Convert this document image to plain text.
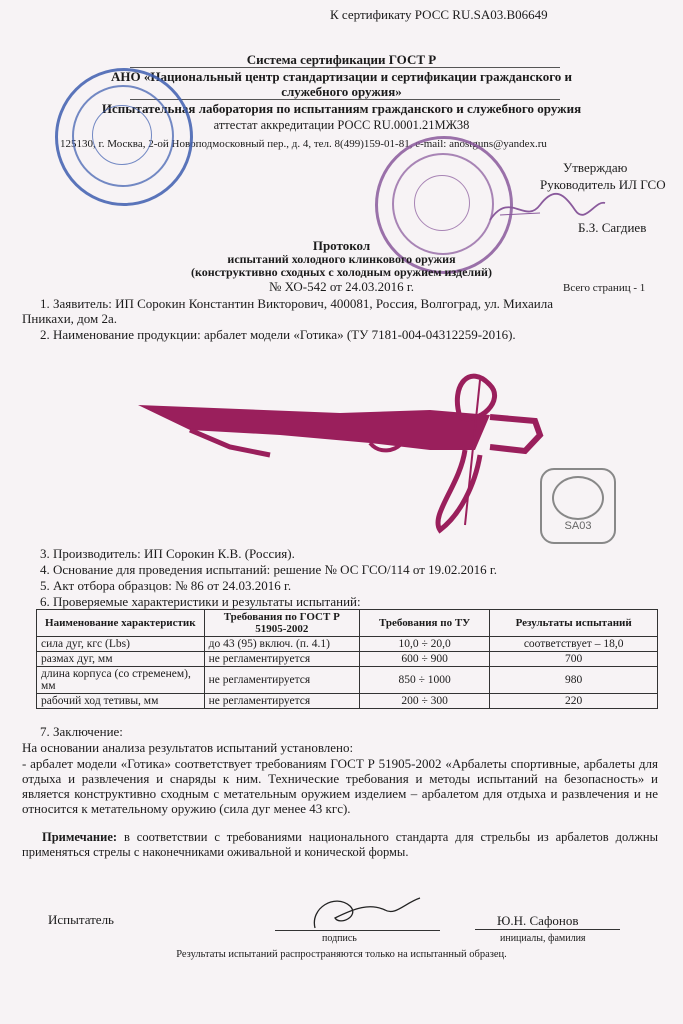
К сертификату РОСС RU.SA03.B06649
Система сертификации ГОСТ Р
АНО «Национальный центр стандартизации и сертификации гражданского и
служебного оружия»
Испытательная лаборатория по испытаниям гражданского и служебного оружия
аттестат аккредитации РОСС RU.0001.21МЖ38
125130, г. Москва, 2-ой Новоподмосковный пер., д. 4, тел. 8(499)159-01-81, e-mail: anostguns@yandex.ru
Утверждаю
Руководитель ИЛ ГСО
Б.З. Сагдиев
Протокол
испытаний холодного клинкового оружия
(конструктивно сходных с холодным оружием изделий)
№ ХО-542 от 24.03.2016 г.	Всего страниц - 1
1. Заявитель: ИП Сорокин Константин Викторович, 400081, Россия, Волгоград, ул. Михаила
Пникахи, дом 2а.
2. Наименование продукции: арбалет модели «Готика» (ТУ 7181-004-04312259-2016).
SA03
3. Производитель: ИП Сорокин К.В. (Россия).
4. Основание для проведения испытаний: решение № ОС ГСО/114 от 19.02.2016 г.
5. Акт отбора образцов: № 86 от 24.03.2016 г.
6. Проверяемые характеристики и результаты испытаний:
Наименование характеристик	Требования по ГОСТ Р 51905-2002	Требования по ТУ	Результаты испытаний
сила дуг, кгс (Lbs)	до 43 (95) включ. (п. 4.1)	10,0 ÷ 20,0	соответствует – 18,0
размах дуг, мм	не регламентируется	600 ÷ 900	700
длина корпуса (со стременем), мм	не регламентируется	850 ÷ 1000	980
рабочий ход тетивы, мм	не регламентируется	200 ÷ 300	220
7. Заключение:
На основании анализа результатов испытаний установлено:
- арбалет модели «Готика» соответствует требованиям ГОСТ Р 51905-2002 «Арбалеты спортивные, арбалеты для отдыха и развлечения и снаряды к ним. Технические требования и методы испытаний на безопасность» и является конструктивно сходным с метательным оружием изделием – арбалетом для отдыха и развлечения и не относится к метательному оружию (сила дуг менее 43 кгс).
Примечание: в соответствии с требованиями национального стандарта для стрельбы из арбалетов должны применяться стрелы с наконечниками оживальной и конической формы.
Испытатель
подпись
Ю.Н. Сафонов
инициалы, фамилия
Результаты испытаний распространяются только на испытанный образец.
